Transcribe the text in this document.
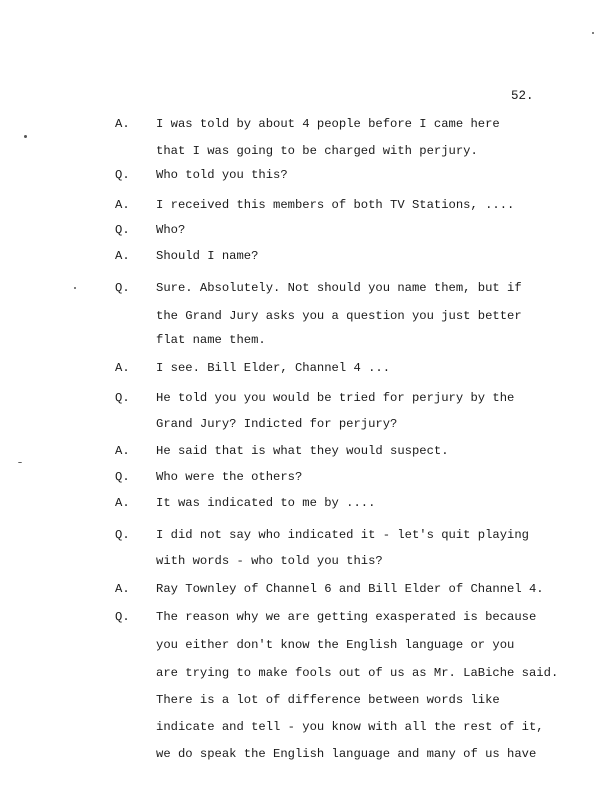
52.
A. I was told by about 4 people before I came here
that I was going to be charged with perjury.
Q. Who told you this?
A. I received this members of both TV Stations, ....
Q. Who?
A. Should I name?
Q. Sure. Absolutely. Not should you name them, but if
the Grand Jury asks you a question you just better
flat name them.
A. I see. Bill Elder, Channel 4 ...
Q. He told you you would be tried for perjury by the
Grand Jury? Indicted for perjury?
A. He said that is what they would suspect.
Q. Who were the others?
A. It was indicated to me by ....
Q. I did not say who indicated it - let's quit playing
with words - who told you this?
A. Ray Townley of Channel 6 and Bill Elder of Channel 4.
Q. The reason why we are getting exasperated is because
you either don't know the English language or you
are trying to make fools out of us as Mr. LaBiche said.
There is a lot of difference between words like
indicate and tell - you know with all the rest of it,
we do speak the English language and many of us have
